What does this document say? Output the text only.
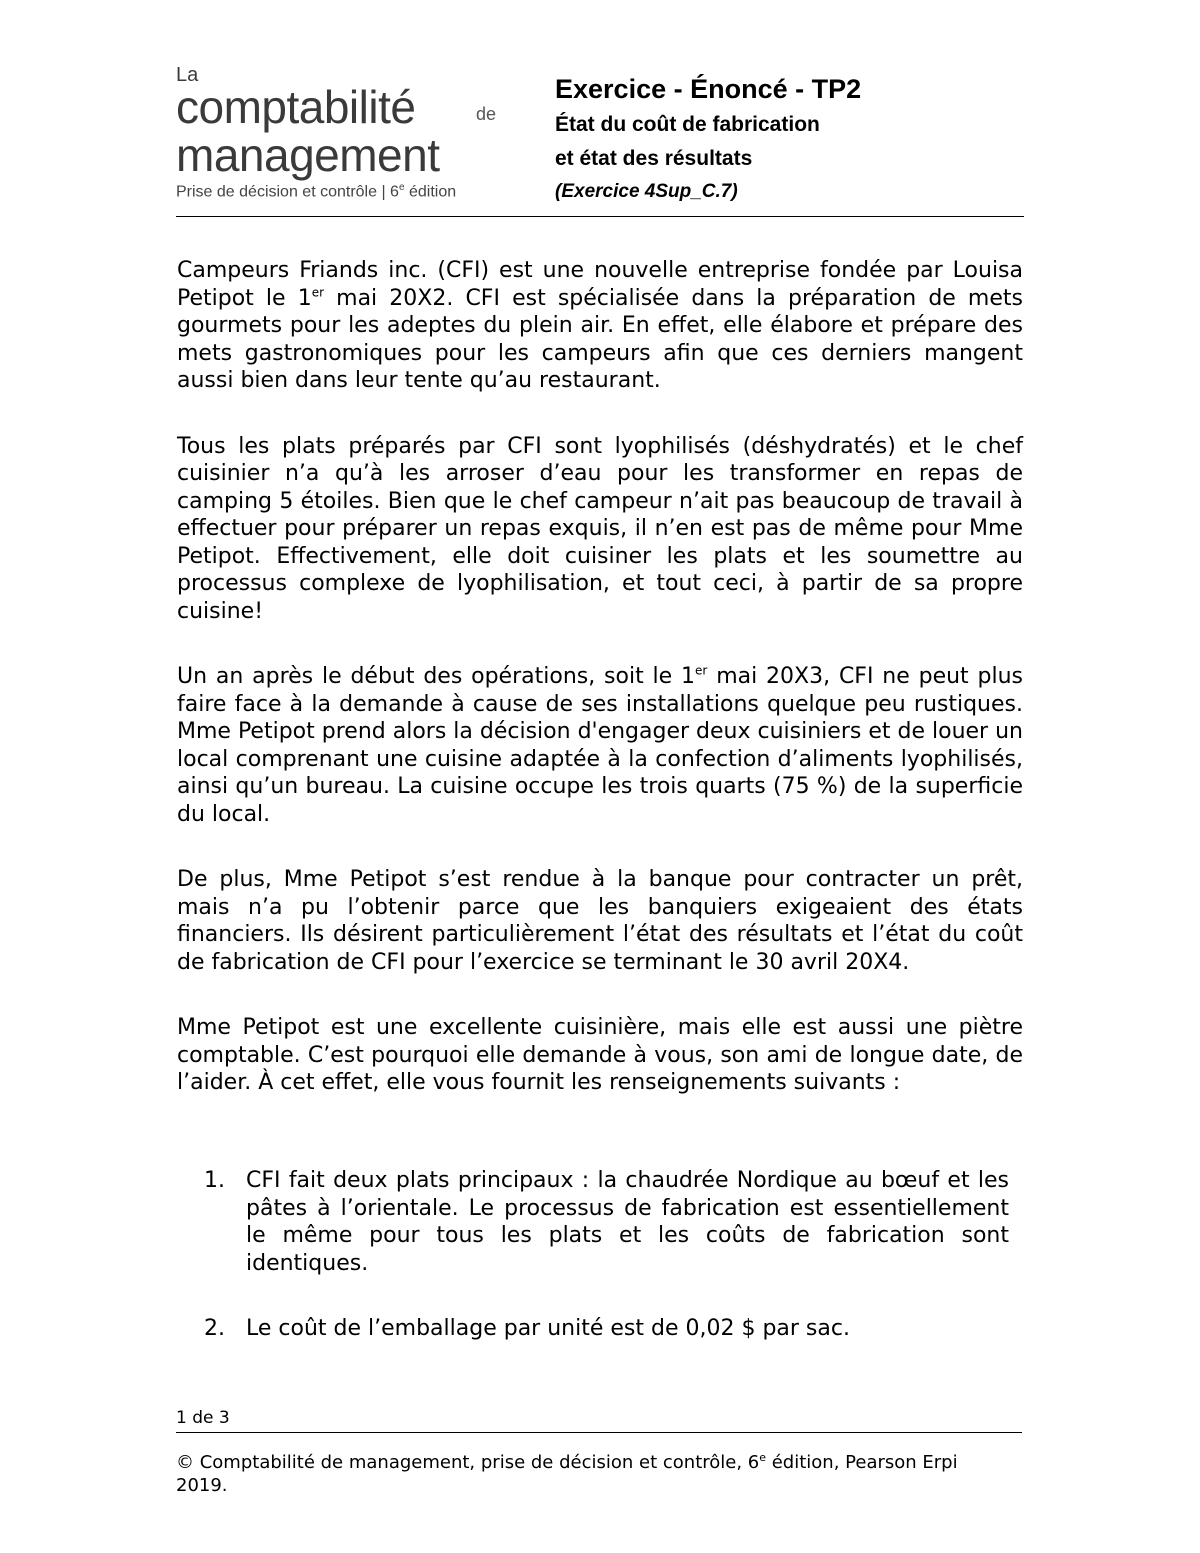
La
comptabilité	de
management
Prise de décision et contrôle | 6e édition
Exercice - Énoncé - TP2
État du coût de fabrication
et état des résultats
(Exercice 4Sup_C.7)

Campeurs Friands inc. (CFI) est une nouvelle entreprise fondée par Louisa Petipot le 1er mai 20X2. CFI est spécialisée dans la préparation de mets gourmets pour les adeptes du plein air. En effet, elle élabore et prépare des mets gastronomiques pour les campeurs afin que ces derniers mangent aussi bien dans leur tente qu’au restaurant.

Tous les plats préparés par CFI sont lyophilisés (déshydratés) et le chef cuisinier n’a qu’à les arroser d’eau pour les transformer en repas de camping 5 étoiles. Bien que le chef campeur n’ait pas beaucoup de travail à effectuer pour préparer un repas exquis, il n’en est pas de même pour Mme Petipot. Effectivement, elle doit cuisiner les plats et les soumettre au processus complexe de lyophilisation, et tout ceci, à partir de sa propre cuisine!

Un an après le début des opérations, soit le 1er mai 20X3, CFI ne peut plus faire face à la demande à cause de ses installations quelque peu rustiques. Mme Petipot prend alors la décision d'engager deux cuisiniers et de louer un local comprenant une cuisine adaptée à la confection d’aliments lyophilisés, ainsi qu’un bureau. La cuisine occupe les trois quarts (75 %) de la superficie du local.

De plus, Mme Petipot s’est rendue à la banque pour contracter un prêt, mais n’a pu l’obtenir parce que les banquiers exigeaient des états financiers. Ils désirent particulièrement l’état des résultats et l’état du coût de fabrication de CFI pour l’exercice se terminant le 30 avril 20X4.

Mme Petipot est une excellente cuisinière, mais elle est aussi une piètre comptable. C’est pourquoi elle demande à vous, son ami de longue date, de l’aider. À cet effet, elle vous fournit les renseignements suivants :

1. CFI fait deux plats principaux : la chaudrée Nordique au bœuf et les pâtes à l’orientale. Le processus de fabrication est essentiellement le même pour tous les plats et les coûts de fabrication sont identiques.
2. Le coût de l’emballage par unité est de 0,02 $ par sac.
1 de 3
© Comptabilité de management, prise de décision et contrôle, 6e édition, Pearson Erpi 2019.
